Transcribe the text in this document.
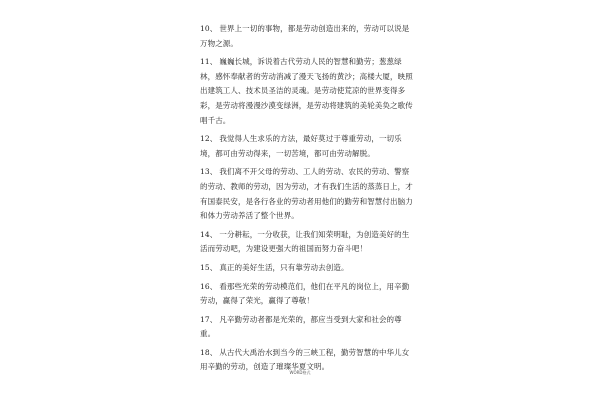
10、 世界上一切的事物，都是劳动创造出来的，劳动可以说是万物之源。

11、 巍巍长城，诉说着古代劳动人民的智慧和勤劳；葱葱绿林，感怀奉献者的劳动消减了漫天飞扬的黄沙；高楼大厦，映照出建筑工人、技术员圣洁的灵魂。是劳动使荒凉的世界变得多彩，是劳动将漫漫沙漠变绿洲，是劳动将建筑的美轮美奂之歌传唱千古。

12、 我觉得人生求乐的方法，最好莫过于尊重劳动，一切乐境，都可由劳动得来，一切苦境，都可由劳动解脱。

13、 我们离不开父母的劳动、工人的劳动、农民的劳动、警察的劳动、教师的劳动，因为劳动，才有我们生活的蒸蒸日上，才有国泰民安，是各行各业的劳动者用他们的勤劳和智慧付出脑力和体力劳动养活了整个世界。

14、 一分耕耘，一分收获，让我们知荣明耻，为创造美好的生活而劳动吧，为建设更强大的祖国而努力奋斗吧！

15、 真正的美好生活，只有靠劳动去创造。

16、 看那些光荣的劳动模范们，他们在平凡的岗位上，用辛勤劳动，赢得了荣光，赢得了尊敬！

17、 凡辛勤劳动者都是光荣的，都应当受到大家和社会的尊重。

18、 从古代大禹治水到当今的三峡工程，勤劳智慧的中华儿女用辛勤的劳动，创造了璀璨华夏文明。

WORD格式
